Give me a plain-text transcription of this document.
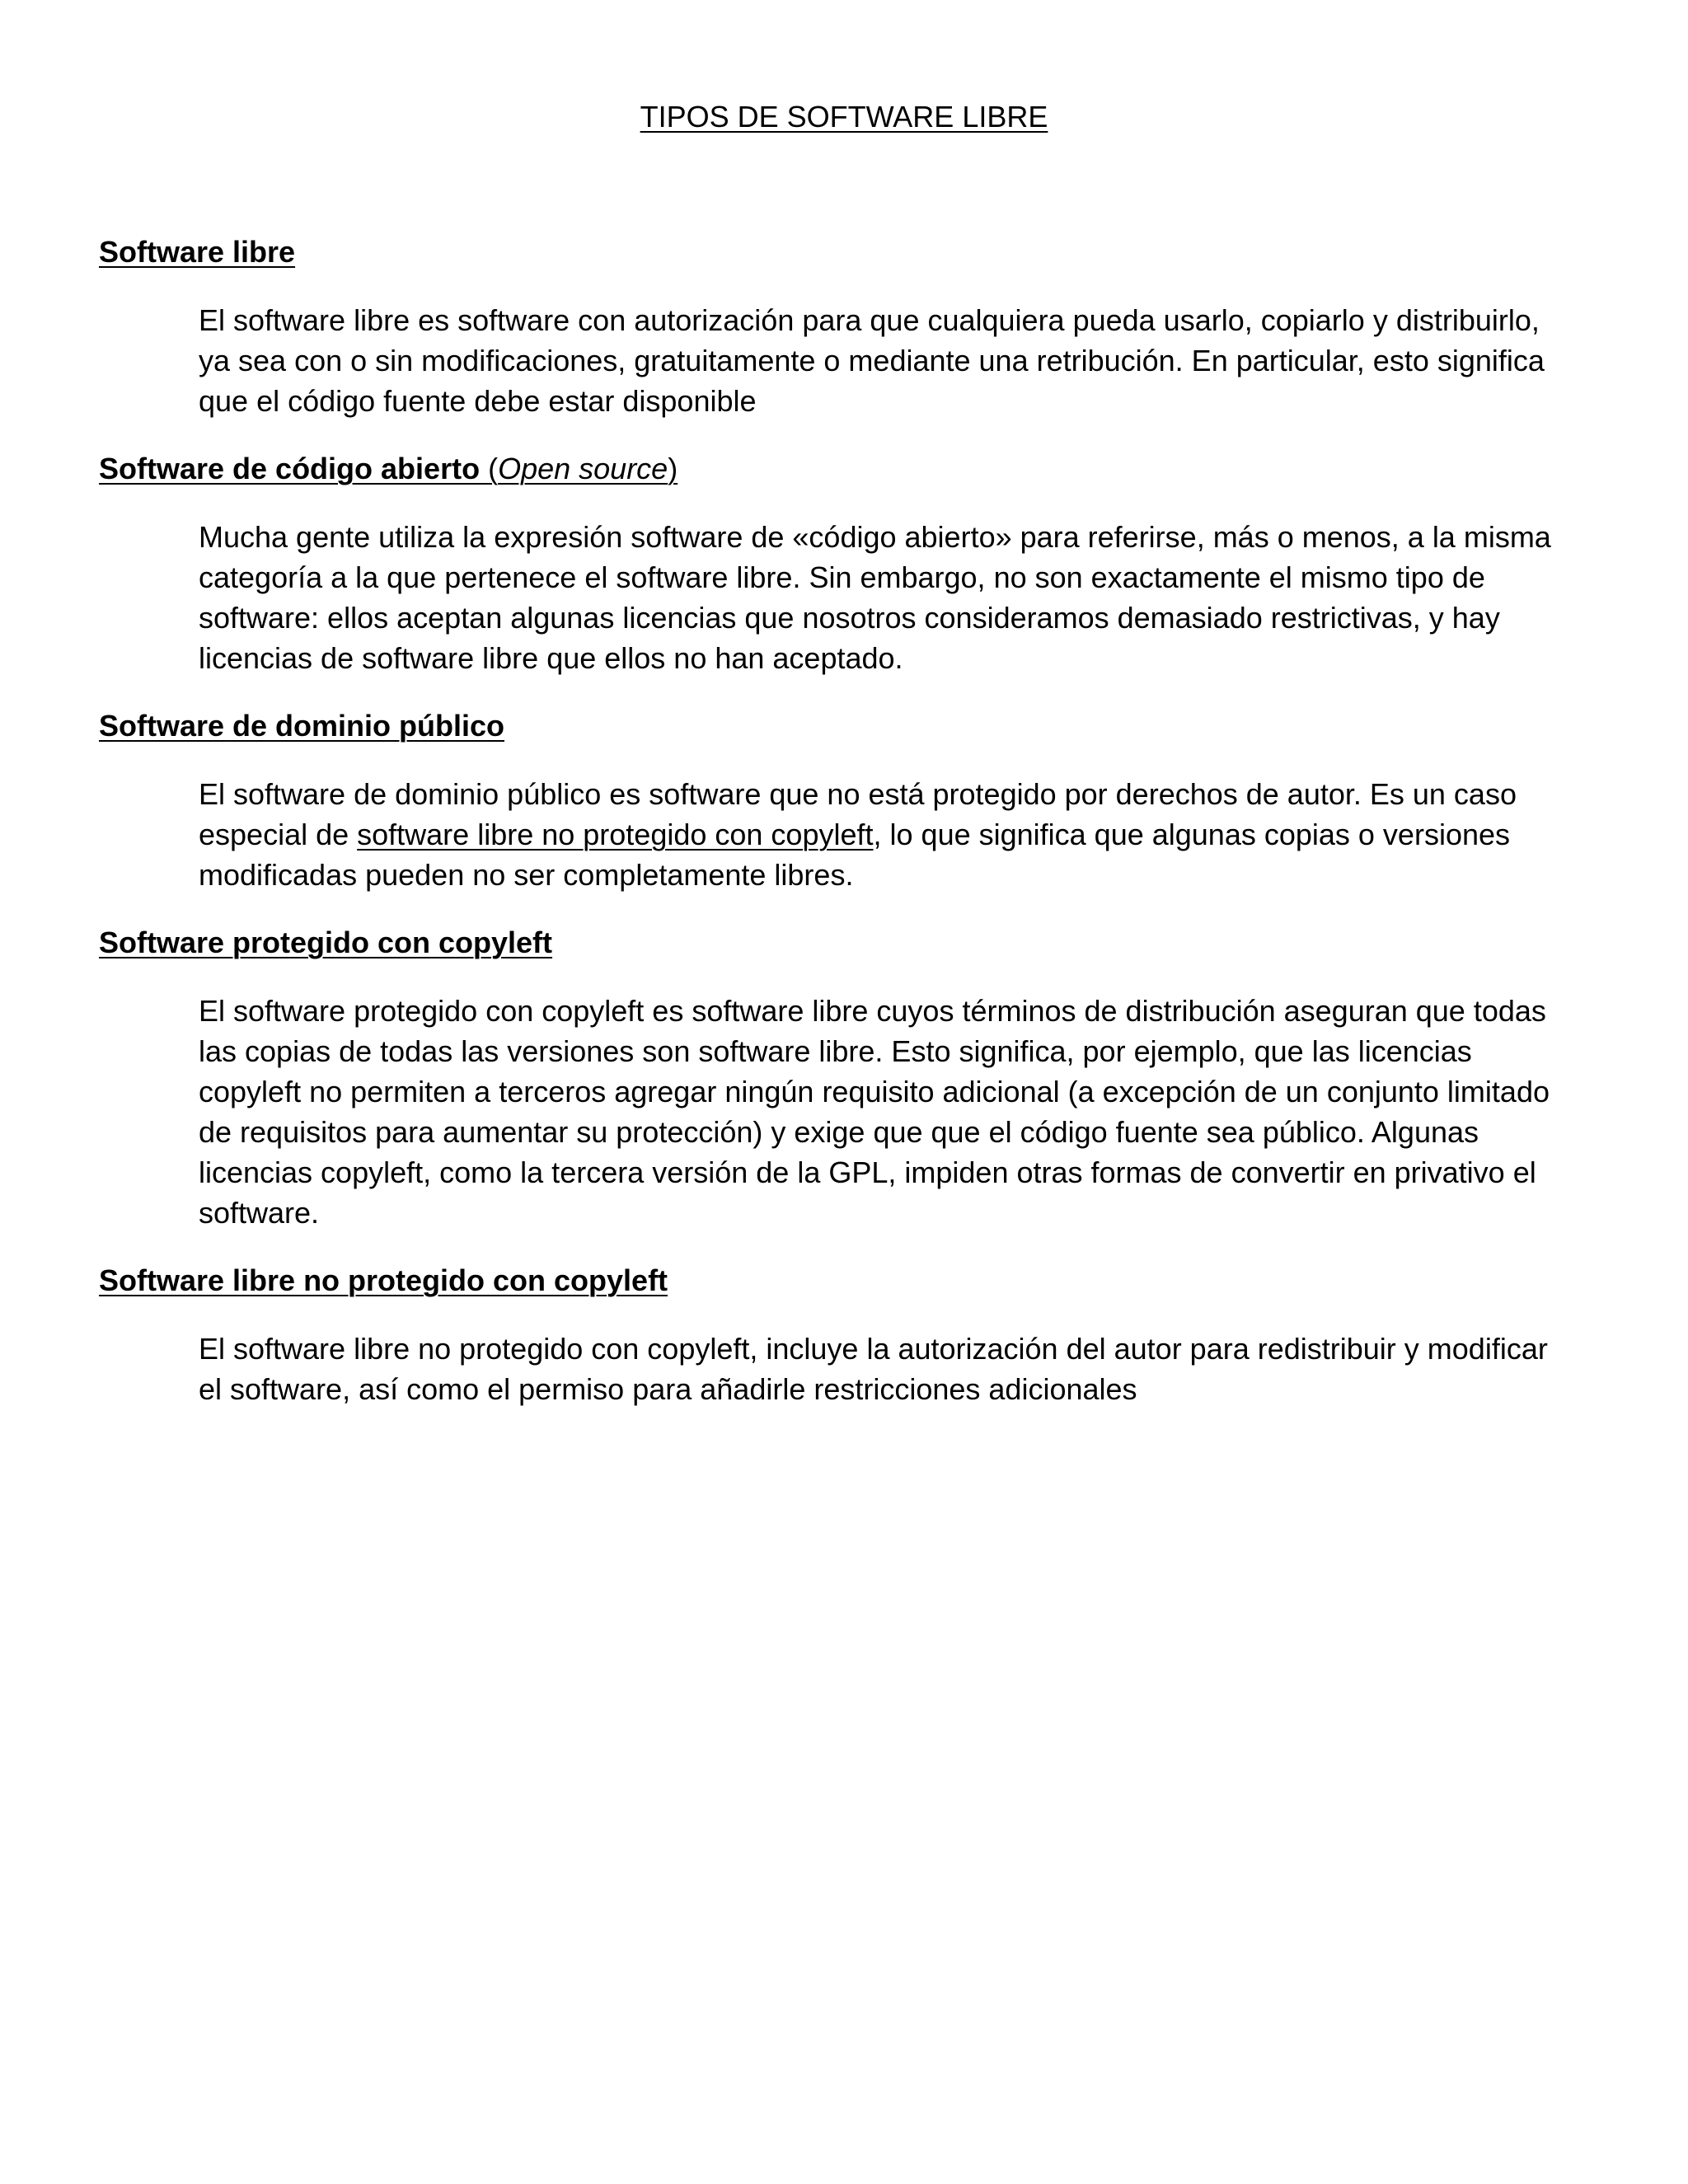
TIPOS DE SOFTWARE LIBRE
Software libre
El software libre es software con autorización para que cualquiera pueda usarlo, copiarlo y distribuirlo,
ya sea con o sin modificaciones, gratuitamente o mediante una retribución. En particular, esto significa
que el código fuente debe estar disponible
Software de código abierto (Open source)
Mucha gente utiliza la expresión software de «código abierto» para referirse, más o menos, a la misma
categoría a la que pertenece el software libre. Sin embargo, no son exactamente el mismo tipo de
software: ellos aceptan algunas licencias que nosotros consideramos demasiado restrictivas, y hay
licencias de software libre que ellos no han aceptado.
Software de dominio público
El software de dominio público es software que no está protegido por derechos de autor. Es un caso
especial de software libre no protegido con copyleft, lo que significa que algunas copias o versiones
modificadas pueden no ser completamente libres.
Software protegido con copyleft
El software protegido con copyleft es software libre cuyos términos de distribución aseguran que todas
las copias de todas las versiones son software libre. Esto significa, por ejemplo, que las licencias
copyleft no permiten a terceros agregar ningún requisito adicional (a excepción de un conjunto limitado
de requisitos para aumentar su protección) y exige que que el código fuente sea público. Algunas
licencias copyleft, como la tercera versión de la GPL, impiden otras formas de convertir en privativo el
software.
Software libre no protegido con copyleft
El software libre no protegido con copyleft, incluye la autorización del autor para redistribuir y modificar
el software, así como el permiso para añadirle restricciones adicionales
